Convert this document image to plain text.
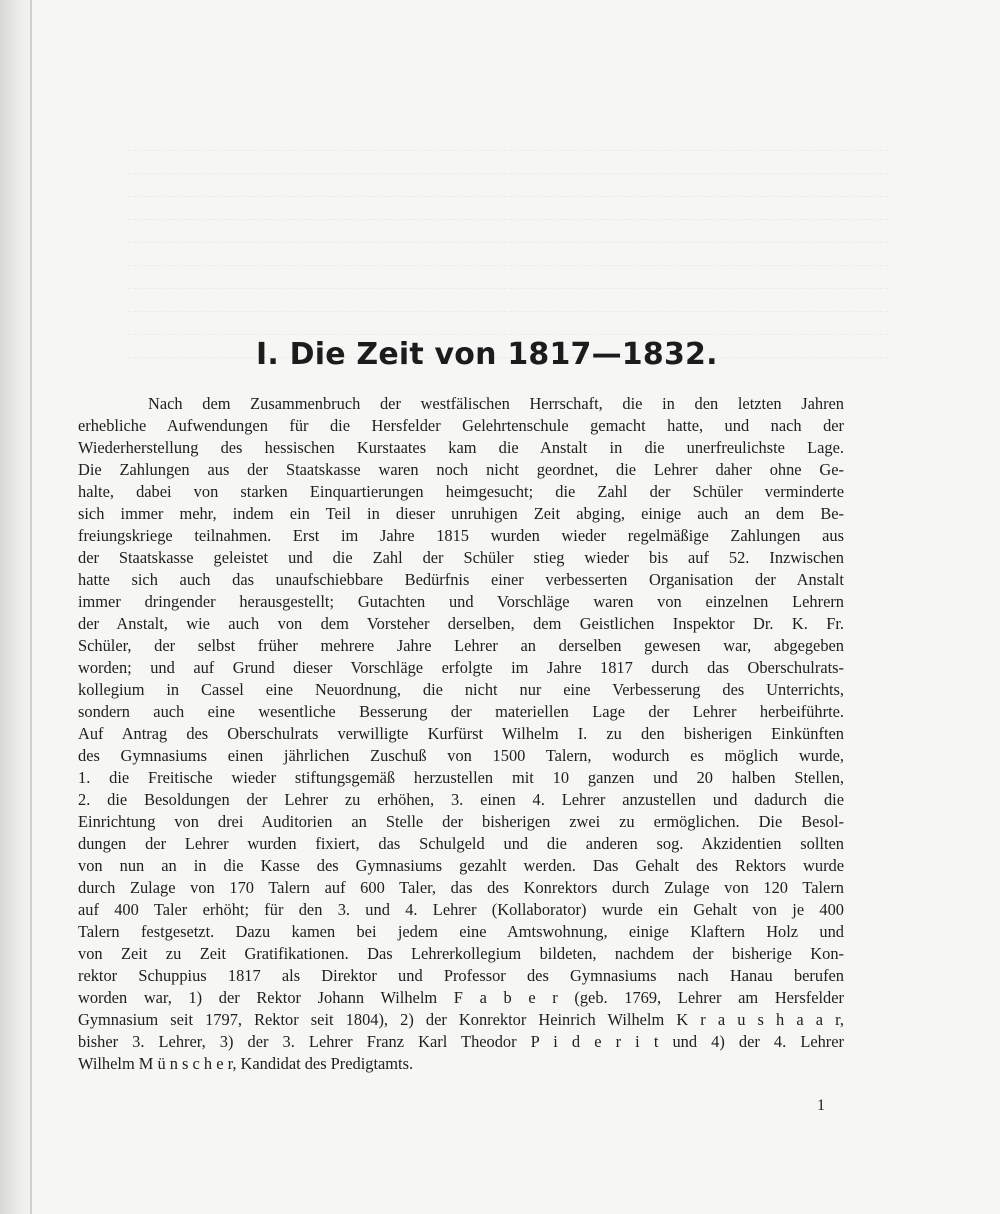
I. Die Zeit von 1817—1832.
Nach dem Zusammenbruch der westfälischen Herrschaft, die in den letzten Jahren
erhebliche Aufwendungen für die Hersfelder Gelehrtenschule gemacht hatte, und nach der
Wiederherstellung des hessischen Kurstaates kam die Anstalt in die unerfreulichste Lage.
Die Zahlungen aus der Staatskasse waren noch nicht geordnet, die Lehrer daher ohne Ge-
halte, dabei von starken Einquartierungen heimgesucht; die Zahl der Schüler verminderte
sich immer mehr, indem ein Teil in dieser unruhigen Zeit abging, einige auch an dem Be-
freiungskriege teilnahmen. Erst im Jahre 1815 wurden wieder regelmäßige Zahlungen aus
der Staatskasse geleistet und die Zahl der Schüler stieg wieder bis auf 52. Inzwischen
hatte sich auch das unaufschiebbare Bedürfnis einer verbesserten Organisation der Anstalt
immer dringender herausgestellt; Gutachten und Vorschläge waren von einzelnen Lehrern
der Anstalt, wie auch von dem Vorsteher derselben, dem Geistlichen Inspektor Dr. K. Fr.
Schüler, der selbst früher mehrere Jahre Lehrer an derselben gewesen war, abgegeben
worden; und auf Grund dieser Vorschläge erfolgte im Jahre 1817 durch das Oberschulrats-
kollegium in Cassel eine Neuordnung, die nicht nur eine Verbesserung des Unterrichts,
sondern auch eine wesentliche Besserung der materiellen Lage der Lehrer herbeiführte.
Auf Antrag des Oberschulrats verwilligte Kurfürst Wilhelm I. zu den bisherigen Einkünften
des Gymnasiums einen jährlichen Zuschuß von 1500 Talern, wodurch es möglich wurde,
1. die Freitische wieder stiftungsgemäß herzustellen mit 10 ganzen und 20 halben Stellen,
2. die Besoldungen der Lehrer zu erhöhen, 3. einen 4. Lehrer anzustellen und dadurch die
Einrichtung von drei Auditorien an Stelle der bisherigen zwei zu ermöglichen. Die Besol-
dungen der Lehrer wurden fixiert, das Schulgeld und die anderen sog. Akzidentien sollten
von nun an in die Kasse des Gymnasiums gezahlt werden. Das Gehalt des Rektors wurde
durch Zulage von 170 Talern auf 600 Taler, das des Konrektors durch Zulage von 120 Talern
auf 400 Taler erhöht; für den 3. und 4. Lehrer (Kollaborator) wurde ein Gehalt von je 400
Talern festgesetzt. Dazu kamen bei jedem eine Amtswohnung, einige Klaftern Holz und
von Zeit zu Zeit Gratifikationen. Das Lehrerkollegium bildeten, nachdem der bisherige Kon-
rektor Schuppius 1817 als Direktor und Professor des Gymnasiums nach Hanau berufen
worden war, 1) der Rektor Johann Wilhelm F a b e r (geb. 1769, Lehrer am Hersfelder
Gymnasium seit 1797, Rektor seit 1804), 2) der Konrektor Heinrich Wilhelm K r a u s h a a r,
bisher 3. Lehrer, 3) der 3. Lehrer Franz Karl Theodor P i d e r i t und 4) der 4. Lehrer
Wilhelm M ü n s c h e r, Kandidat des Predigtamts.
1
